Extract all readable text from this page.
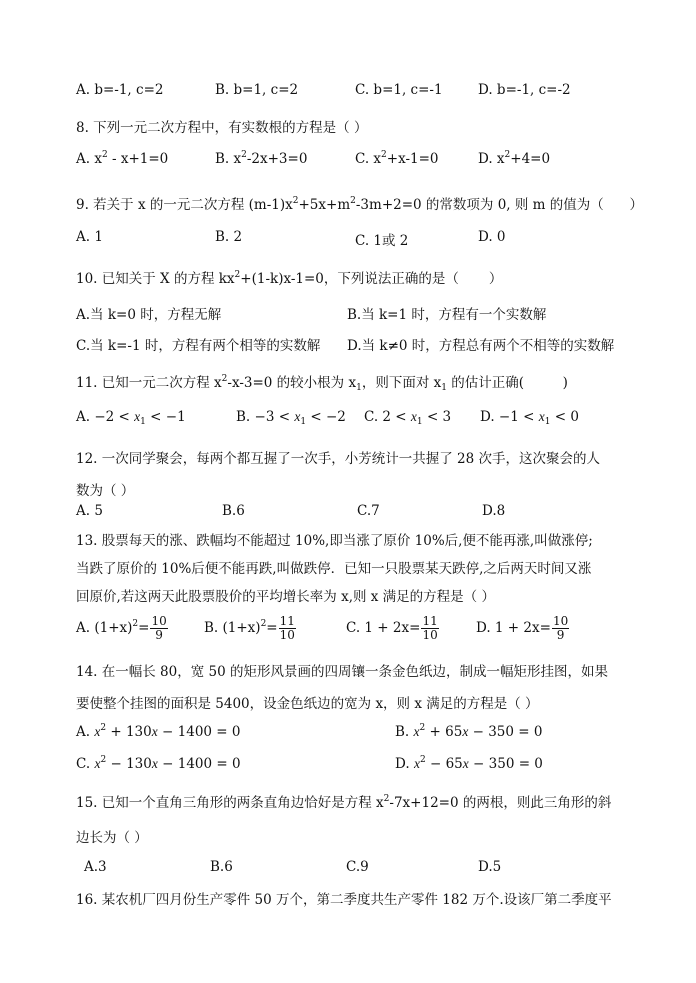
A. b=-1, c=2	B. b=1, c=2	C. b=1, c=-1	D. b=-1, c=-2
8. 下列一元二次方程中，有实数根的方程是（ ）
A. $x^2 - x+1=0$	B. $x^2-2x+3=0$	C. $x^2+x-1=0$	D. $x^2+4=0$
9. 若关于 x 的一元二次方程 $(m-1)x^2+5x+m^2-3m+2=0$ 的常数项为 0, 则 m 的值为（      ）
A. 1	B. 2	C. 1或 2	D. 0
10. 已知关于 X 的方程 $kx^2+(1-k)x-1=0$，下列说法正确的是（       ）
A.当 k=0 时，方程无解	B.当 k=1 时，方程有一个实数解
C.当 k=-1 时，方程有两个相等的实数解 D.当 k≠0 时，方程总有两个不相等的实数解
11. 已知一元二次方程 $x^2-x-3=0$ 的较小根为 $x_1$，则下面对 $x_1$ 的估计正确(         )
A. $-2 < x_1 < -1$	B. $-3 < x_1 < -2$ C. $2 < x_1 < 3$ D. $-1 < x_1 < 0$
12. 一次同学聚会，每两个都互握了一次手，小芳统计一共握了 28 次手，这次聚会的人
数为（ ）
A. 5	B.6	C.7	D.8
13. 股票每天的涨、跌幅均不能超过 10%,即当涨了原价 10%后,便不能再涨,叫做涨停;
当跌了原价的 10%后便不能再跌,叫做跌停．已知一只股票某天跌停,之后两天时间又涨
回原价,若这两天此股票股价的平均增长率为 x,则 x 满足的方程是（ ）
A. $(1+x)^2= \frac{10}{9}$	B. $(1+x)^2= \frac{11}{10}$	C. $1 + 2x= \frac{11}{10}$	D. $1 + 2x= \frac{10}{9}$
14. 在一幅长 80，宽 50 的矩形风景画的四周镶一条金色纸边，制成一幅矩形挂图，如果
要使整个挂图的面积是 5400，设金色纸边的宽为 x，则 x 满足的方程是（ ）
A. $x^2 + 130x - 1400 = 0$	B. $x^2 + 65x - 350 = 0$
C. $x^2 - 130x - 1400 = 0$	D. $x^2 - 65x - 350 = 0$
15. 已知一个直角三角形的两条直角边恰好是方程 $x^2-7x+12=0$ 的两根，则此三角形的斜
边长为（ ）
A.3	B.6	C.9	D.5
16. 某农机厂四月份生产零件 50 万个，第二季度共生产零件 182 万个.设该厂第二季度平
